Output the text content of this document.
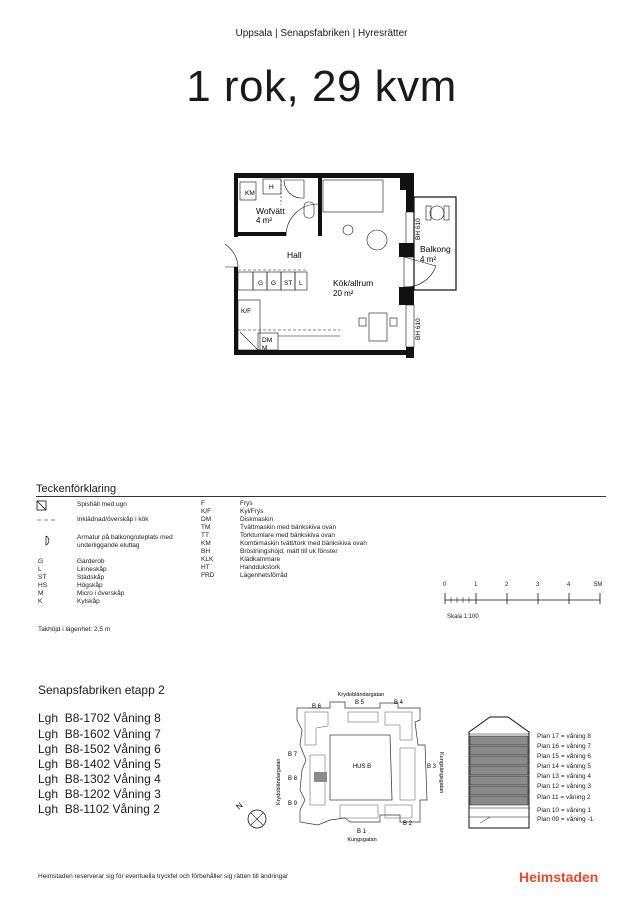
Uppsala | Senapsfabriken | Hyresrätter
1 rok, 29 kvm
KM
H
Wofvätt
4 m²
Hall
Kök/allrum
20 m²
Balkong
4 m²
G G ST L
K/F
DM
M
BH 610
BH 610
Teckenförklaring
Spishäll med ugn
Inklädnad/överskåp i kök
Armatur på balkong/uteplats med
underliggande eluttag
G	Garderob
L	Linneskåp
ST	Städskåp
HS	Högskåp
M	Micro i överskåp
K	Kylskåp
F	Frys
K/F	Kyl/Frys
DM	Diskmaskin
TM	Tvättmaskin med bänkskiva ovan
TT	Torktumlare med bänkskiva ovan
KM	Kombimaskin tvätt/tork med bänkskiva ovan
BH	Bröstningshöjd, mätt till uk fönster
KLK	Klädkammare
HT	Handdukstork
FRD	Lägenhetsförråd
Takhöjd i lägenhet: 2,5 m
0	1	2	3	4	5M
Skala 1:100
Senapsfabriken etapp 2
Lgh  B8-1702 Våning 8
Lgh  B8-1602 Våning 7
Lgh  B8-1502 Våning 6
Lgh  B8-1402 Våning 5
Lgh  B8-1302 Våning 4
Lgh  B8-1202 Våning 3
Lgh  B8-1102 Våning 2	N
Krydobländargatan
Krydobländargatan	Kungsängsgatan
Kungsgatan
B 6
B 5	B 4
B 7
B 8
B 9
B 3
B 1
B 2
HUS B
Plan 17 = våning 8
Plan 16 = våning 7
Plan 15 = våning 6
Plan 14 = våning 5
Plan 13 = våning 4
Plan 12 = våning 3
Plan 11 = våning 2
Plan 10 = våning 1
Plan 09 = våning -1
Heimstaden reserverar sig för eventuella tryckfel och förbehåller sig rätten till ändringar	Heimstaden
